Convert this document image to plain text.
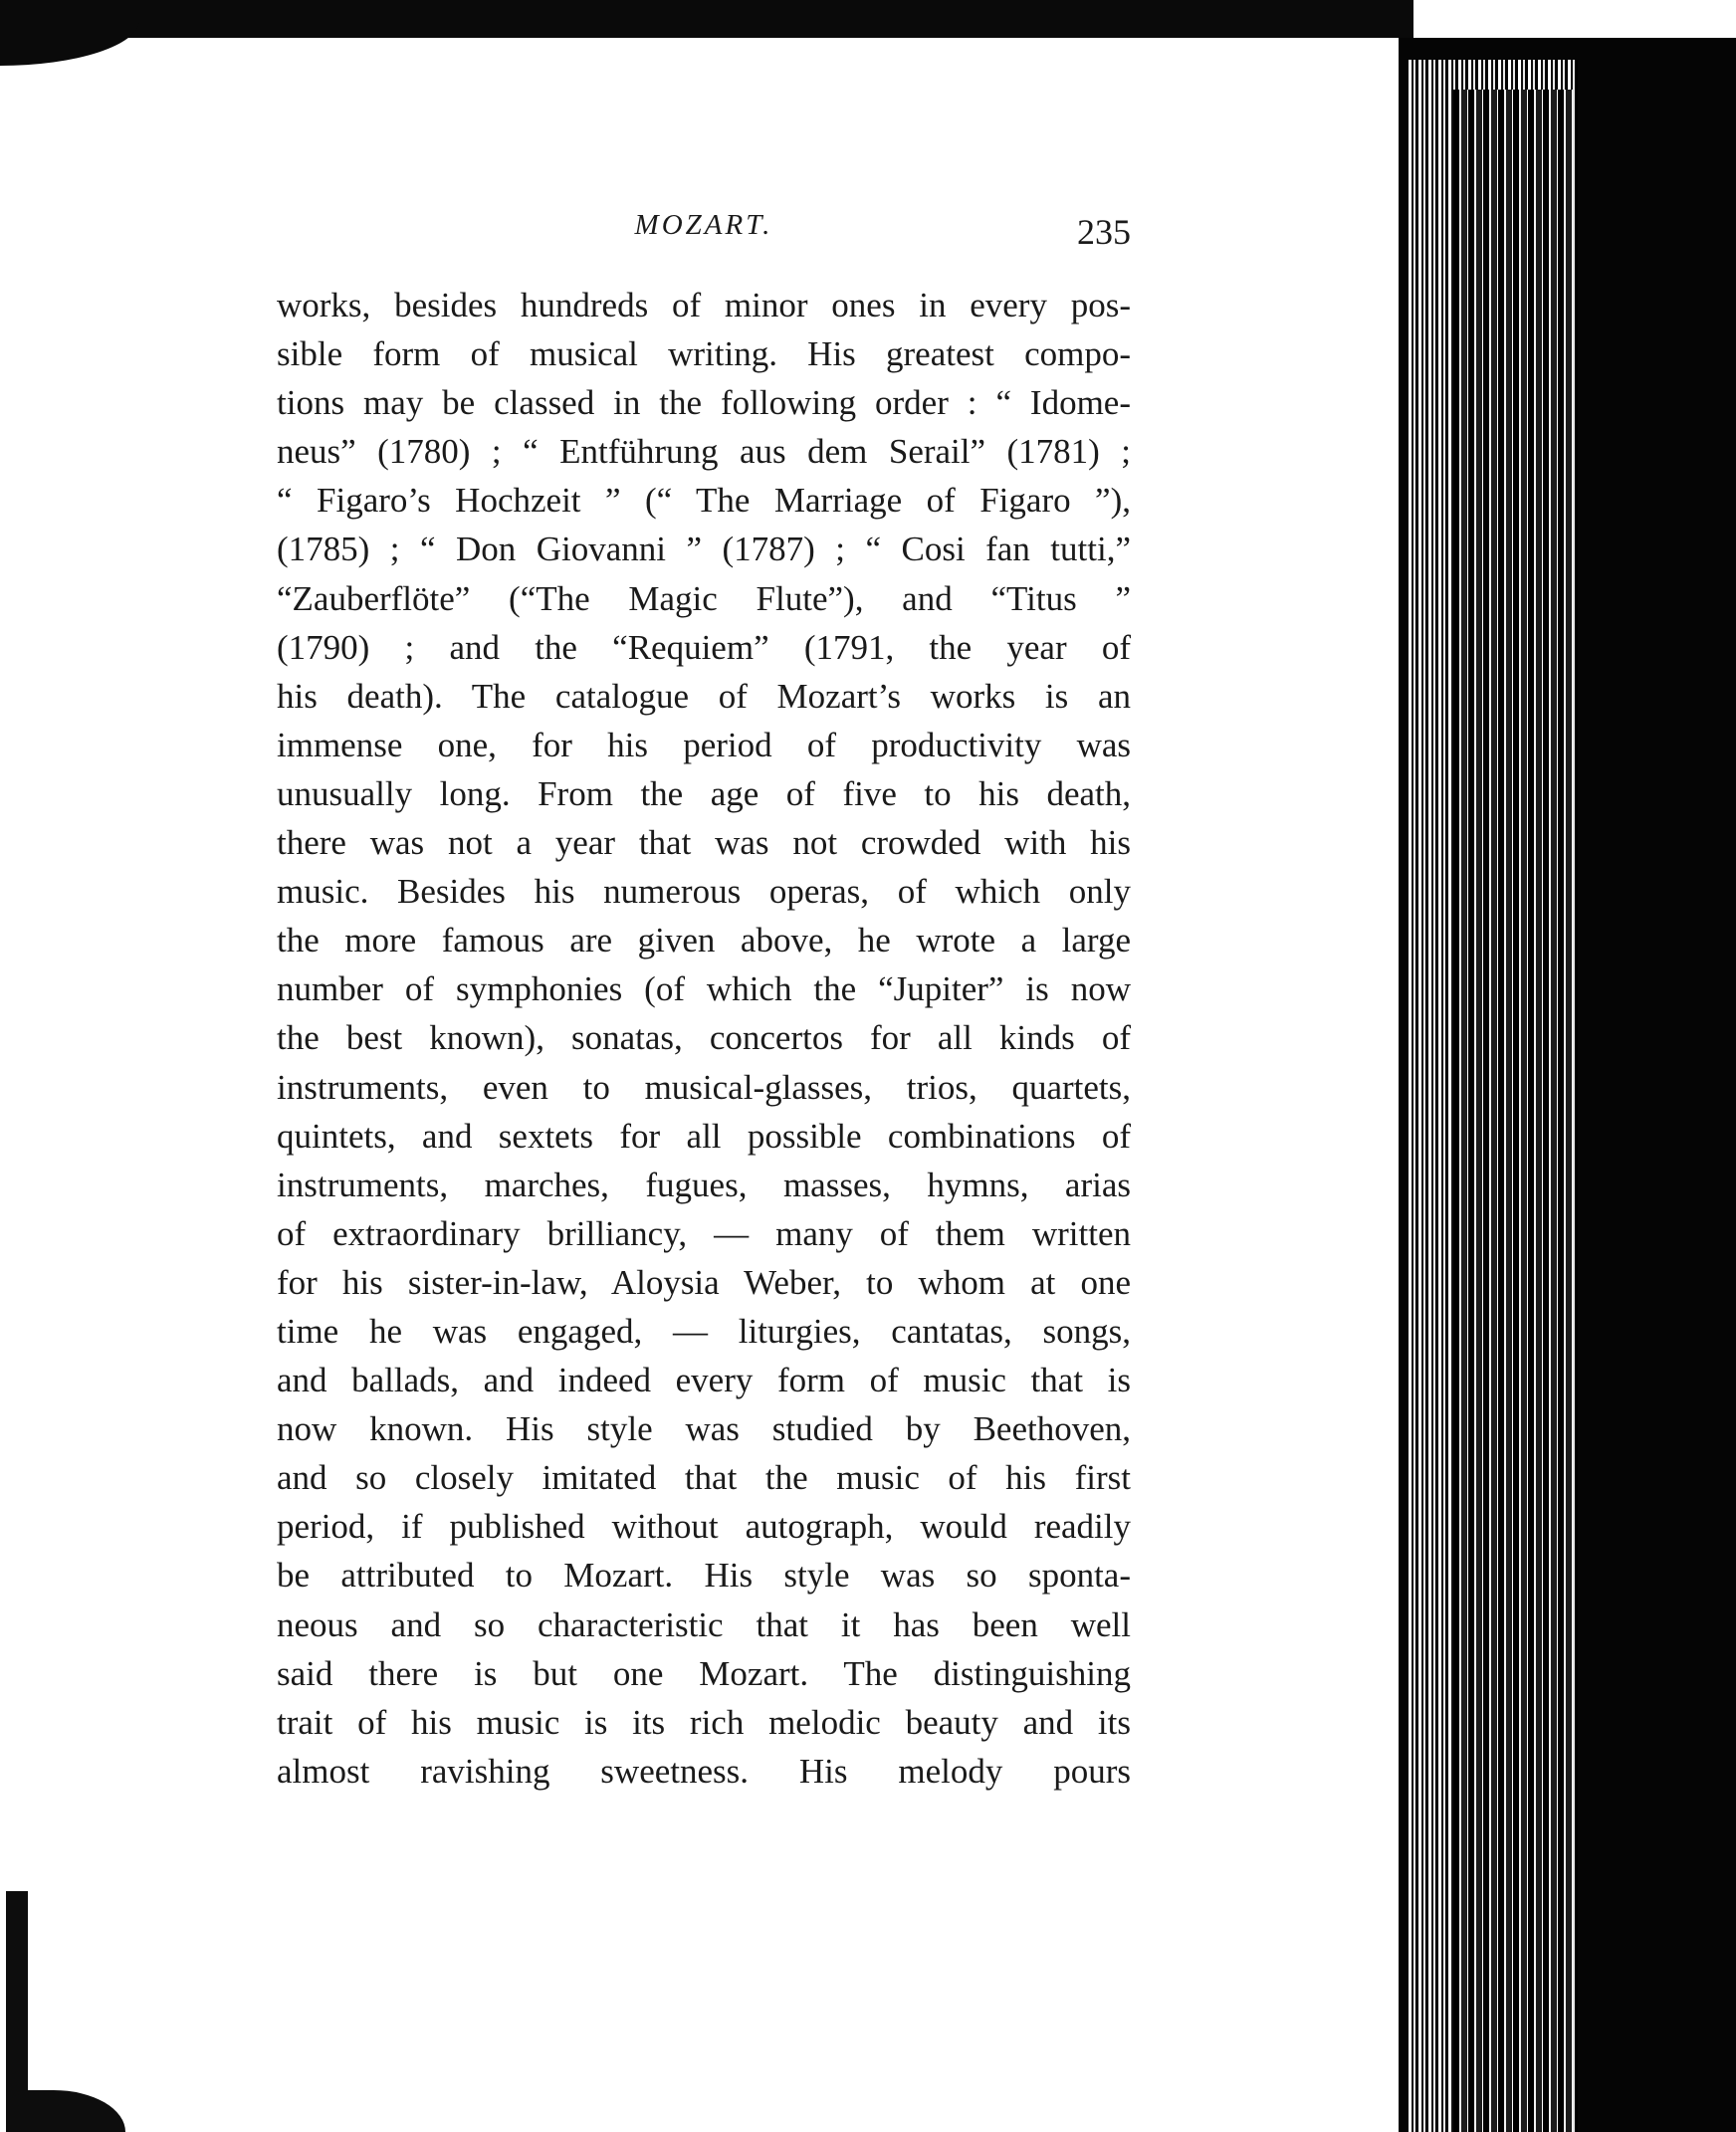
MOZART.	235
works, besides hundreds of minor ones in every pos-
sible form of musical writing. His greatest compo-
tions may be classed in the following order : “ Idome-
neus” (1780) ; “ Entführung aus dem Serail” (1781) ;
“ Figaro’s Hochzeit ” (“ The Marriage of Figaro ”),
(1785) ; “ Don Giovanni ” (1787) ; “ Cosi fan tutti,”
“Zauberflöte” (“The Magic Flute”), and “Titus ”
(1790) ; and the “Requiem” (1791, the year of
his death). The catalogue of Mozart’s works is an
immense one, for his period of productivity was
unusually long. From the age of five to his death,
there was not a year that was not crowded with his
music. Besides his numerous operas, of which only
the more famous are given above, he wrote a large
number of symphonies (of which the “Jupiter” is now
the best known), sonatas, concertos for all kinds of
instruments, even to musical-glasses, trios, quartets,
quintets, and sextets for all possible combinations of
instruments, marches, fugues, masses, hymns, arias
of extraordinary brilliancy, — many of them written
for his sister-in-law, Aloysia Weber, to whom at one
time he was engaged, — liturgies, cantatas, songs,
and ballads, and indeed every form of music that is
now known. His style was studied by Beethoven,
and so closely imitated that the music of his first
period, if published without autograph, would readily
be attributed to Mozart. His style was so sponta-
neous and so characteristic that it has been well
said there is but one Mozart. The distinguishing
trait of his music is its rich melodic beauty and its
almost ravishing sweetness. His melody pours
